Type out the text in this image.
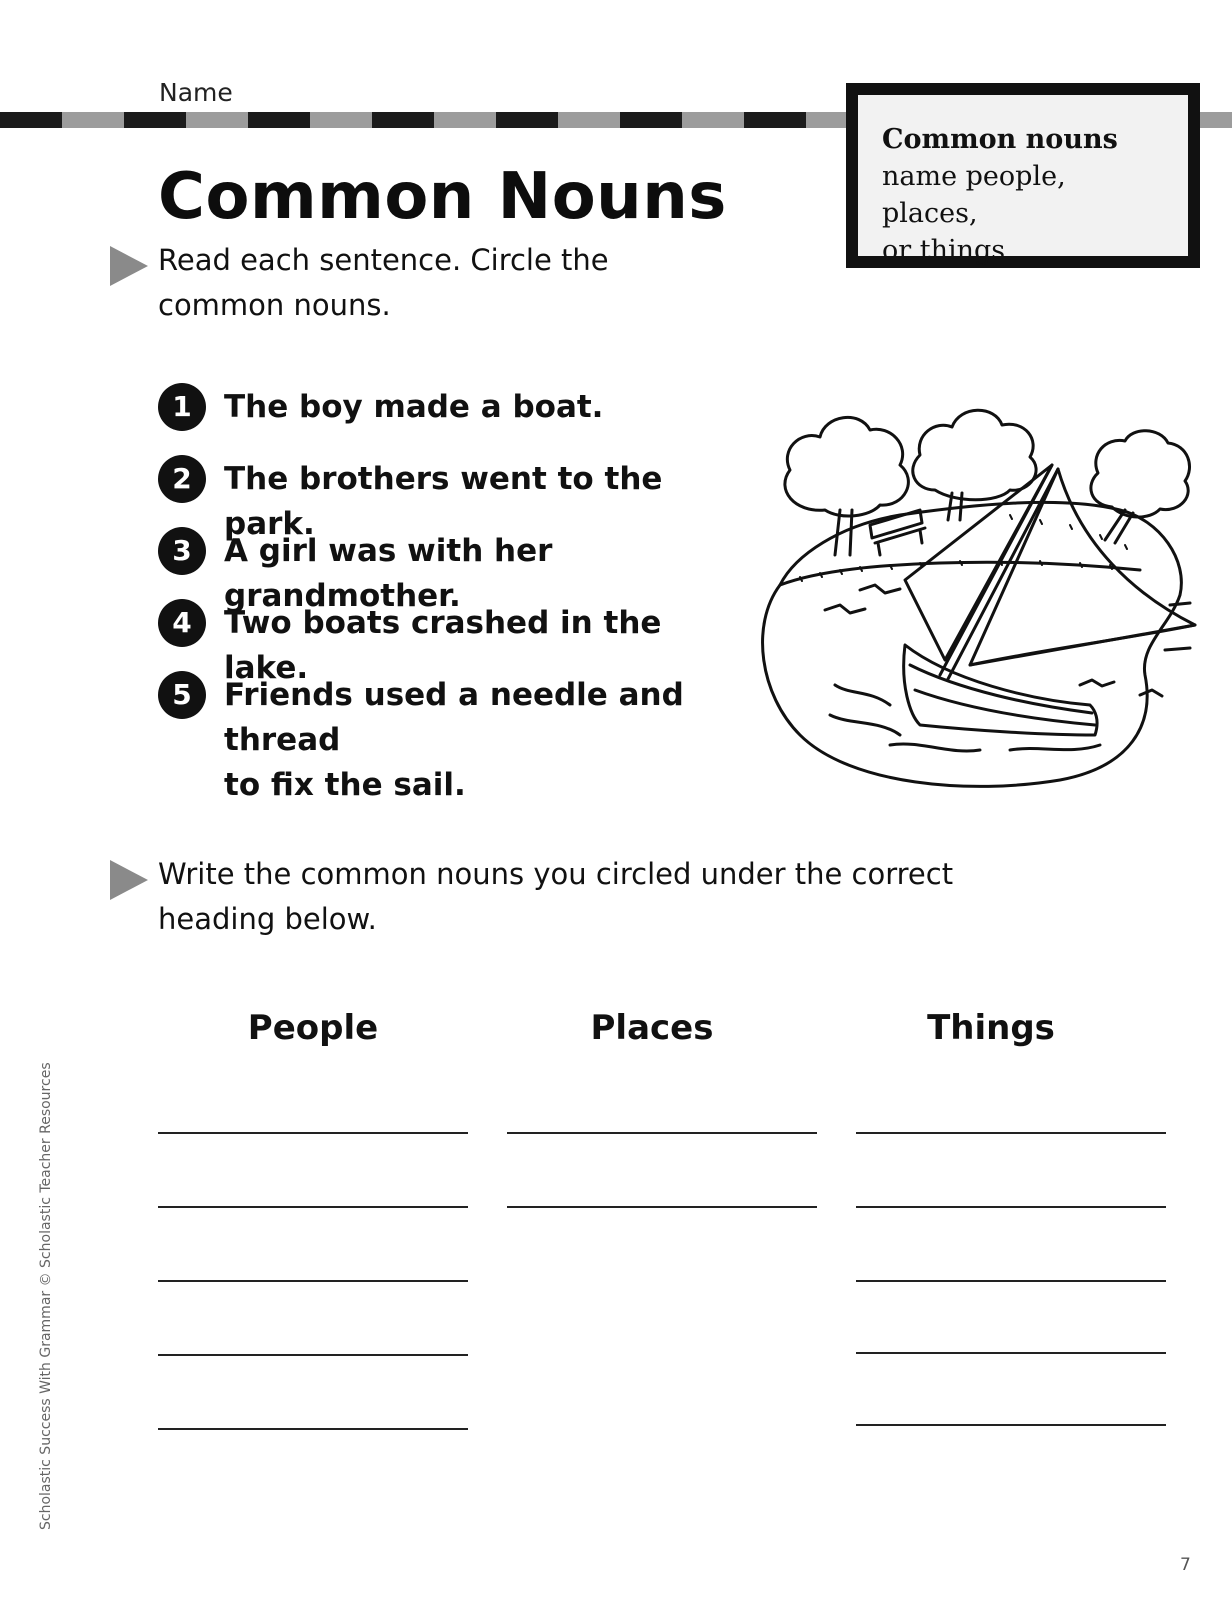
Name
Common nouns
name people, places,
or things.
Common Nouns
Read each sentence. Circle the
common nouns.
1	The boy made a boat.
2	The brothers went to the park.
3	A girl was with her grandmother.
4	Two boats crashed in the lake.
5	Friends used a needle and thread
to fix the sail.
Write the common nouns you circled under the correct
heading below.
People	Places	Things
Scholastic Success With Grammar © Scholastic Teacher Resources
7
